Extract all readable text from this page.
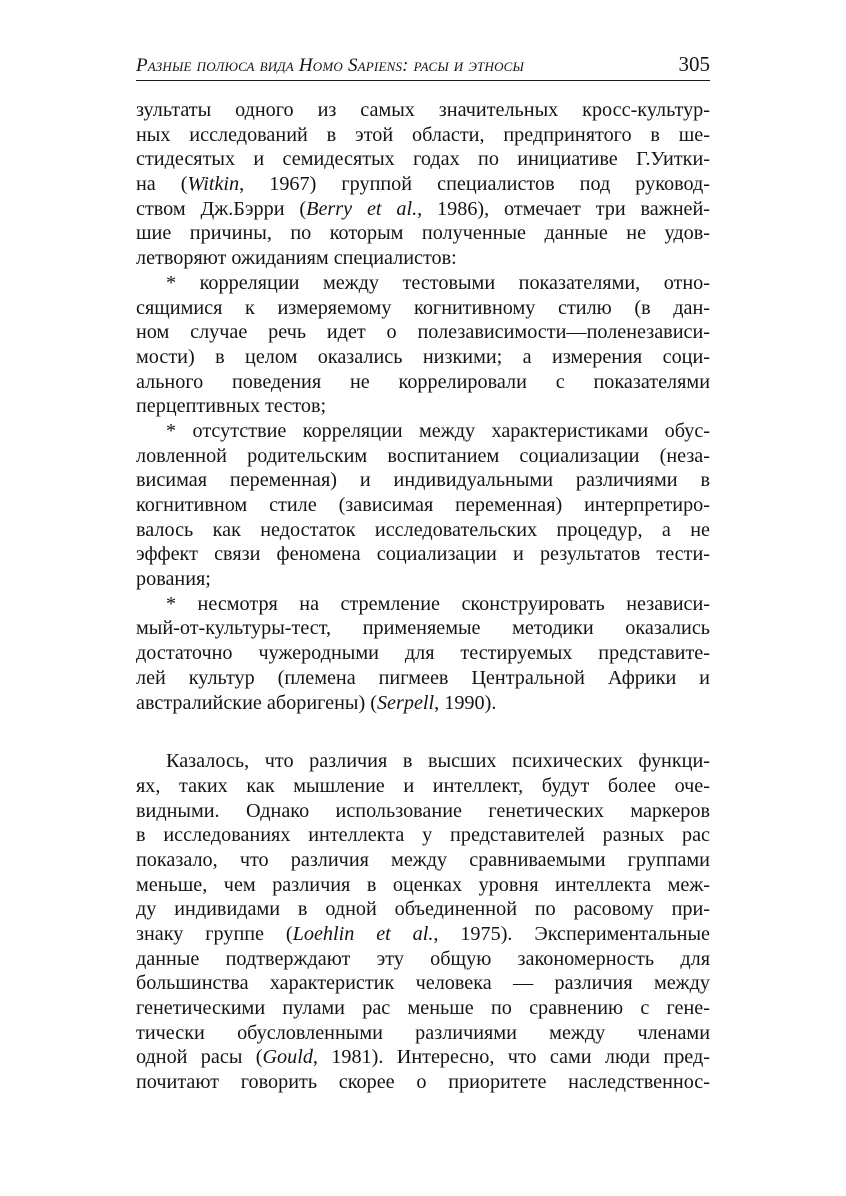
Разные полюса вида Homo Sapiens: расы и этносы	305
зультаты одного из самых значительных кросс-культур-
ных исследований в этой области, предпринятого в ше-
стидесятых и семидесятых годах по инициативе Г.Уитки-
на (Witkin, 1967) группой специалистов под руковод-
ством Дж.Бэрри (Berry et al., 1986), отмечает три важней-
шие причины, по которым полученные данные не удов-
летворяют ожиданиям специалистов:
* корреляции между тестовыми показателями, отно-
сящимися к измеряемому когнитивному стилю (в дан-
ном случае речь идет о полезависимости—поленезависи-
мости) в целом оказались низкими; а измерения соци-
ального поведения не коррелировали с показателями
перцептивных тестов;
* отсутствие корреляции между характеристиками обус-
ловленной родительским воспитанием социализации (неза-
висимая переменная) и индивидуальными различиями в
когнитивном стиле (зависимая переменная) интерпретиро-
валось как недостаток исследовательских процедур, а не
эффект связи феномена социализации и результатов тести-
рования;
* несмотря на стремление сконструировать независи-
мый-от-культуры-тест, применяемые методики оказались
достаточно чужеродными для тестируемых представите-
лей культур (племена пигмеев Центральной Африки и
австралийские аборигены) (Serpell, 1990).
Казалось, что различия в высших психических функци-
ях, таких как мышление и интеллект, будут более оче-
видными. Однако использование генетических маркеров
в исследованиях интеллекта у представителей разных рас
показало, что различия между сравниваемыми группами
меньше, чем различия в оценках уровня интеллекта меж-
ду индивидами в одной объединенной по расовому при-
знаку группе (Loehlin et al., 1975). Экспериментальные
данные подтверждают эту общую закономерность для
большинства характеристик человека — различия между
генетическими пулами рас меньше по сравнению с гене-
тически обусловленными различиями между членами
одной расы (Gould, 1981). Интересно, что сами люди пред-
почитают говорить скорее о приоритете наследственнос-
